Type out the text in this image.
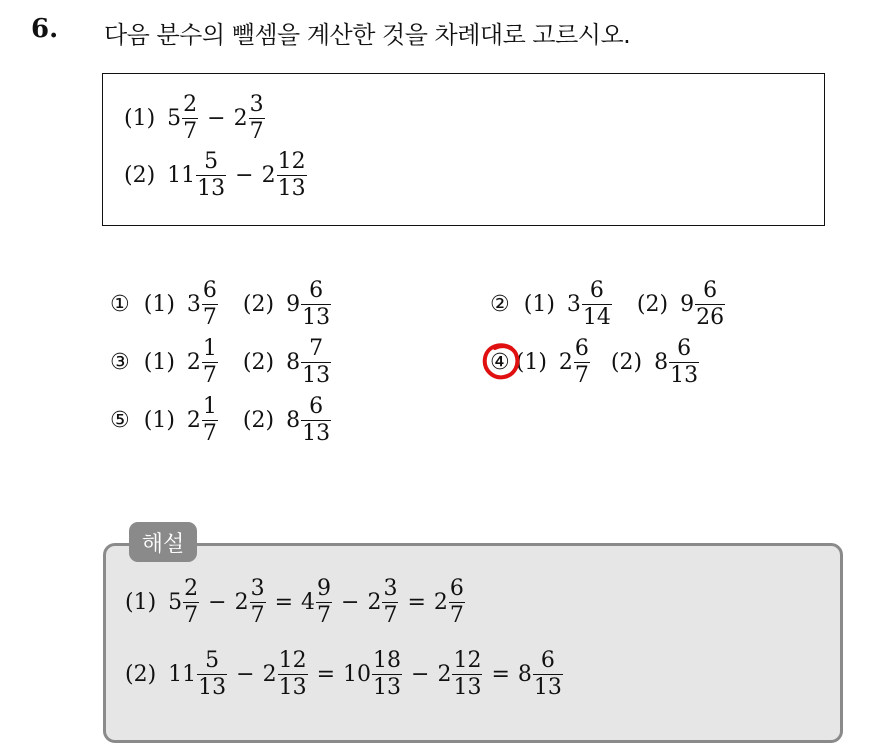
6. 다음 분수의 뺄셈을 계산한 것을 차례대로 고르시오.
(1) $5 \frac{2}{7} - 2 \frac{3}{7}$
(2) $11 \frac{5}{13} - 2 \frac{12}{13}$
① (1) $3 \frac{6}{7} (2)$ $9 \frac{6}{13}$	② (1) $3 \frac{6}{14} (2)$ $9 \frac{6}{26}$
③ (1) $2 \frac{1}{7} (2)$ $8 \frac{7}{13}$	④ (1) $2 \frac{6}{7} (2)$ $8 \frac{6}{13}$
⑤ (1) $2 \frac{1}{7} (2)$ $8 \frac{6}{13}$
해설
(1) $5 \frac{2}{7} - 2 \frac{3}{7} = 4 \frac{9}{7} - 2 \frac{3}{7} = 2 \frac{6}{7}$
(2) $11 \frac{5}{13} - 2 \frac{12}{13} = 10 \frac{18}{13} - 2 \frac{12}{13} = 8 \frac{6}{13}$
